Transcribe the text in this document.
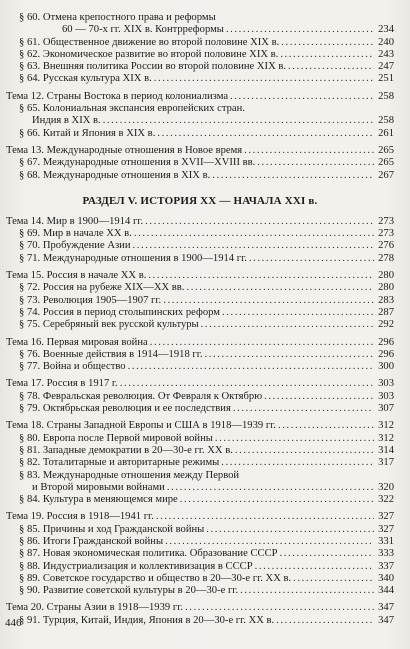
§ 60. Отмена крепостного права и реформы
60 — 70-х гг. XIX в. Контрреформы .....	234
§ 61. Общественное движение во второй половине XIX в. .....	240
§ 62. Экономическое развитие во второй половине XIX в. .....	243
§ 63. Внешняя политика России во второй половине XIX в. .....	247
§ 64. Русская культура XIX в. .....	251
Тема 12. Страны Востока в период колониализма .....	258
§ 65. Колониальная экспансия европейских стран.
Индия в XIX в. .....	258
§ 66. Китай и Япония в XIX в. .....	261
Тема 13. Международные отношения в Новое время .....	265
§ 67. Международные отношения в XVII—XVIII вв. .....	265
§ 68. Международные отношения в XIX в. .....	267
РАЗДЕЛ V. ИСТОРИЯ XX — НАЧАЛА XXI в.
Тема 14. Мир в 1900—1914 гг. .....	273
§ 69. Мир в начале XX в. .....	273
§ 70. Пробуждение Азии .....	276
§ 71. Международные отношения в 1900—1914 гг. .....	278
Тема 15. Россия в начале XX в. .....	280
§ 72. Россия на рубеже XIX—XX вв. .....	280
§ 73. Революция 1905—1907 гг. .....	283
§ 74. Россия в период столыпинских реформ .....	287
§ 75. Серебряный век русской культуры .....	292
Тема 16. Первая мировая война .....	296
§ 76. Военные действия в 1914—1918 гг. .....	296
§ 77. Война и общество .....	300
Тема 17. Россия в 1917 г. .....	303
§ 78. Февральская революция. От Февраля к Октябрю .....	303
§ 79. Октябрьская революция и ее последствия .....	307
Тема 18. Страны Западной Европы и США в 1918—1939 гг. .....	312
§ 80. Европа после Первой мировой войны .....	312
§ 81. Западные демократии в 20—30-е гг. XX в. .....	314
§ 82. Тоталитарные и авторитарные режимы .....	317
§ 83. Международные отношения между Первой
и Второй мировыми войнами .....	320
§ 84. Культура в меняющемся мире .....	322
Тема 19. Россия в 1918—1941 гг. .....	327
§ 85. Причины и ход Гражданской войны .....	327
§ 86. Итоги Гражданской войны .....	331
§ 87. Новая экономическая политика. Образование СССР .....	333
§ 88. Индустриализация и коллективизация в СССР .....	337
§ 89. Советское государство и общество в 20—30-е гг. XX в. .....	340
§ 90. Развитие советской культуры в 20—30-е гг. .....	344
Тема 20. Страны Азии в 1918—1939 гг. .....	347
§ 91. Турция, Китай, Индия, Япония в 20—30-е гг. XX в. .....	347
446
